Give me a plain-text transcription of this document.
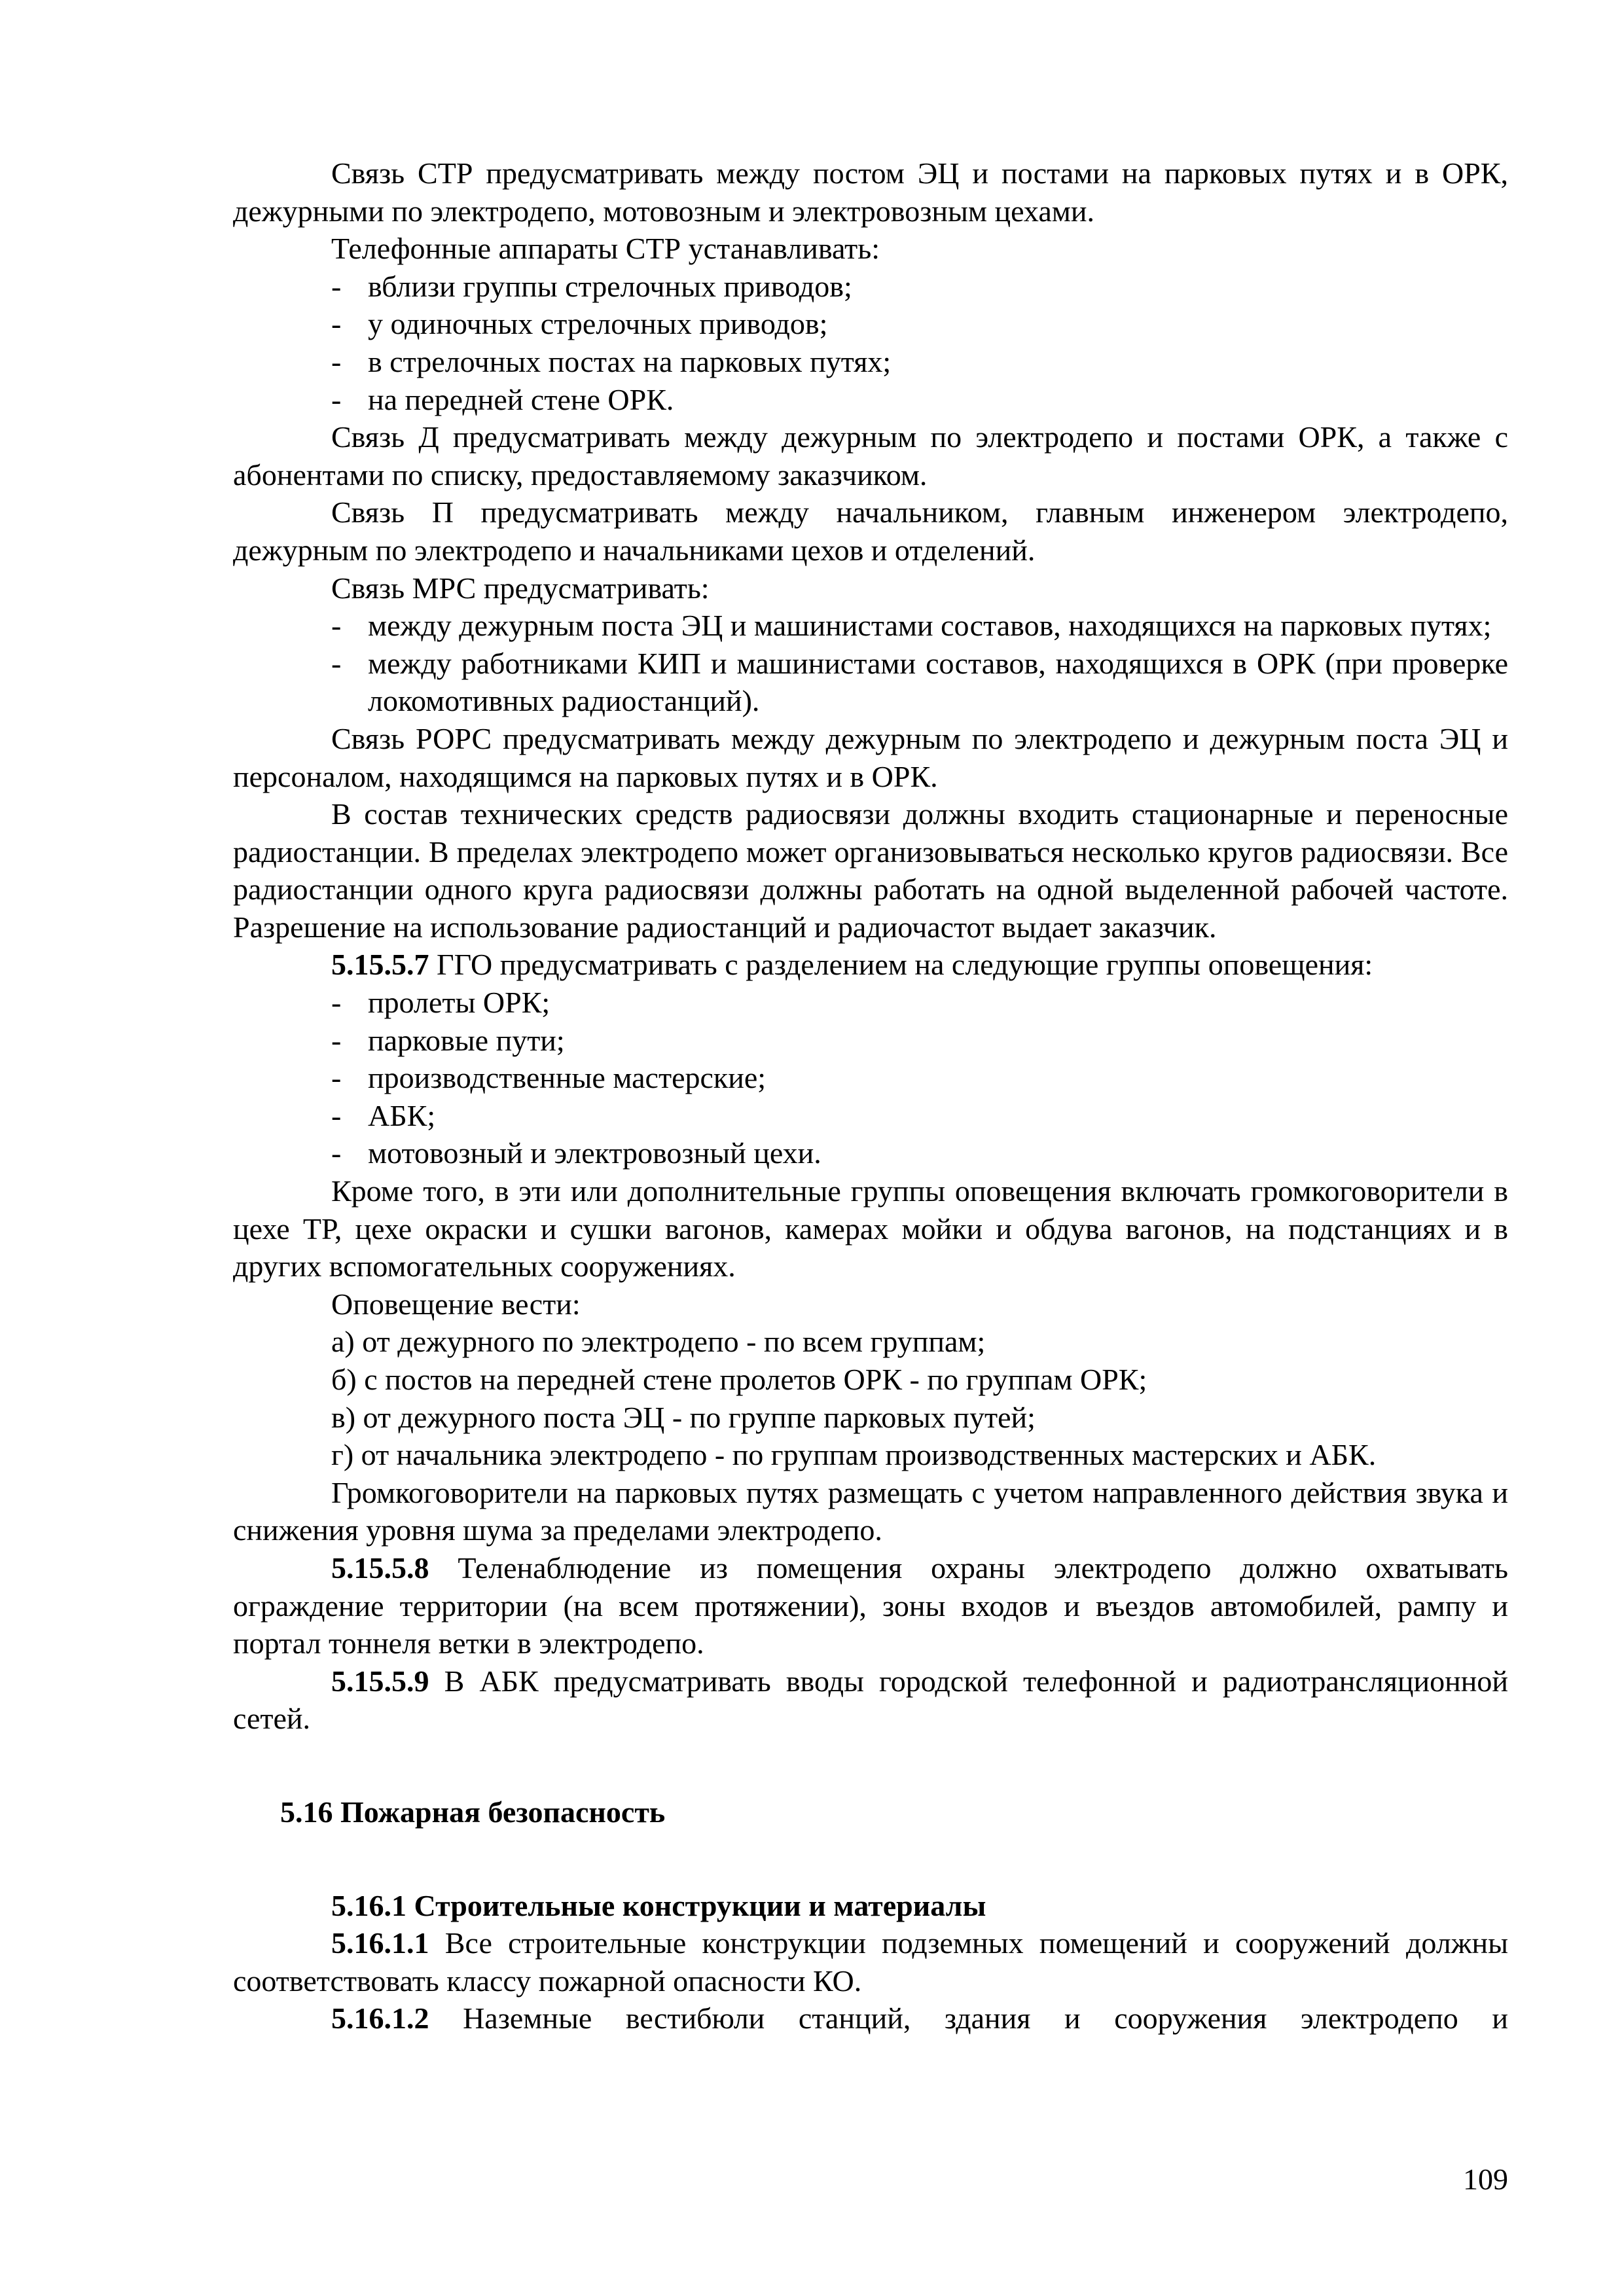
Связь СТР предусматривать между постом ЭЦ и постами на парковых путях и в ОРК, дежурными по электродепо, мотовозным и электровозным цехами.

Телефонные аппараты СТР устанавливать:

- вблизи группы стрелочных приводов;

- у одиночных стрелочных приводов;

- в стрелочных постах на парковых путях;

- на передней стене ОРК.

Связь Д предусматривать между дежурным по электродепо и постами ОРК, а также с абонентами по списку, предоставляемому заказчиком.

Связь П предусматривать между начальником, главным инженером электродепо, дежурным по электродепо и начальниками цехов и отделений.

Связь МРС предусматривать:

- между дежурным поста ЭЦ и машинистами составов, находящихся на парковых путях;

- между работниками КИП и машинистами составов, находящихся в ОРК (при проверке локомотивных радиостанций).

Связь РОРС предусматривать между дежурным по электродепо и дежурным поста ЭЦ и персоналом, находящимся на парковых путях и в ОРК.

В состав технических средств радиосвязи должны входить стационарные и переносные радиостанции. В пределах электродепо может организовываться несколько кругов радиосвязи. Все радиостанции одного круга радиосвязи должны работать на одной выделенной рабочей частоте. Разрешение на использование радиостанций и радиочастот выдает заказчик.

5.15.5.7 ГГО предусматривать с разделением на следующие группы оповещения:

- пролеты ОРК;

- парковые пути;

- производственные мастерские;

- АБК;

- мотовозный и электровозный цехи.

Кроме того, в эти или дополнительные группы оповещения включать громкоговорители в цехе ТР, цехе окраски и сушки вагонов, камерах мойки и обдува вагонов, на подстанциях и в других вспомогательных сооружениях.

Оповещение вести:

а) от дежурного по электродепо - по всем группам;

б) с постов на передней стене пролетов ОРК - по группам ОРК;

в) от дежурного поста ЭЦ - по группе парковых путей;

г) от начальника электродепо - по группам производственных мастерских и АБК.

Громкоговорители на парковых путях размещать с учетом направленного действия звука и снижения уровня шума за пределами электродепо.

5.15.5.8 Теленаблюдение из помещения охраны электродепо должно охватывать ограждение территории (на всем протяжении), зоны входов и въездов автомобилей, рампу и портал тоннеля ветки в электродепо.

5.15.5.9 В АБК предусматривать вводы городской телефонной и радиотрансляционной сетей.

5.16 Пожарная безопасность

5.16.1 Строительные конструкции и материалы

5.16.1.1 Все строительные конструкции подземных помещений и сооружений должны соответствовать классу пожарной опасности КО.

5.16.1.2 Наземные вестибюли станций, здания и сооружения электродепо и

109
